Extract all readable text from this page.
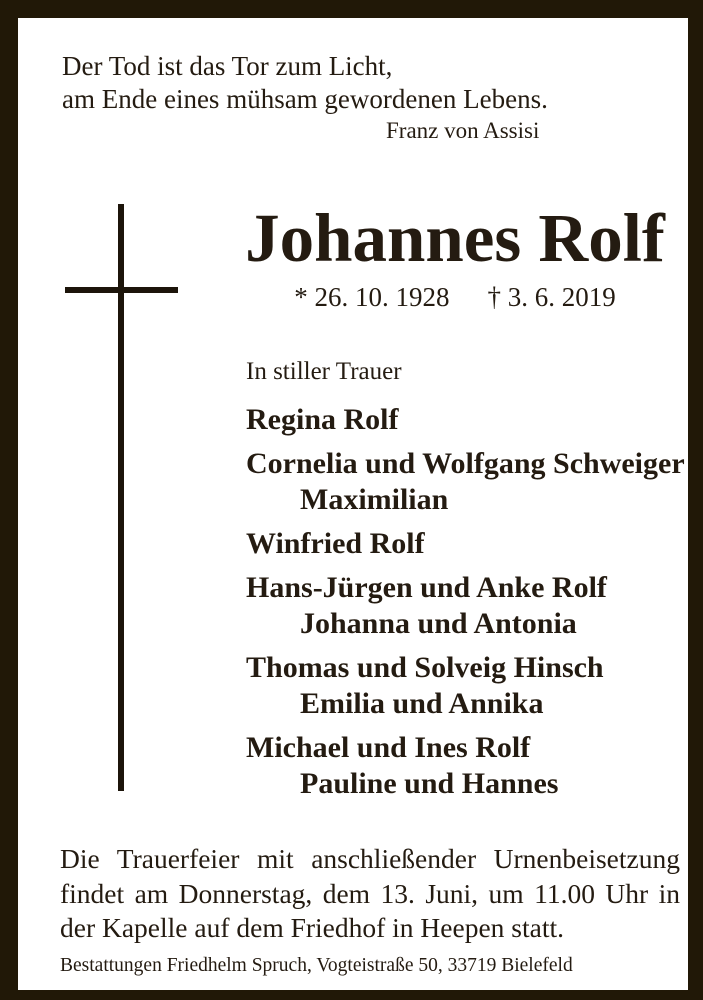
Der Tod ist das Tor zum Licht,
am Ende eines mühsam gewordenen Lebens.
Franz von Assisi
Johannes Rolf
* 26. 10. 1928 † 3. 6. 2019
In stiller Trauer
Regina Rolf
Cornelia und Wolfgang Schweiger
Maximilian
Winfried Rolf
Hans-Jürgen und Anke Rolf
Johanna und Antonia
Thomas und Solveig Hinsch
Emilia und Annika
Michael und Ines Rolf
Pauline und Hannes
Die Trauerfeier mit anschließender Urnenbeisetzung findet am Donnerstag, dem 13. Juni, um 11.00 Uhr in der Kapelle auf dem Friedhof in Heepen statt.
Bestattungen Friedhelm Spruch, Vogteistraße 50, 33719 Bielefeld
